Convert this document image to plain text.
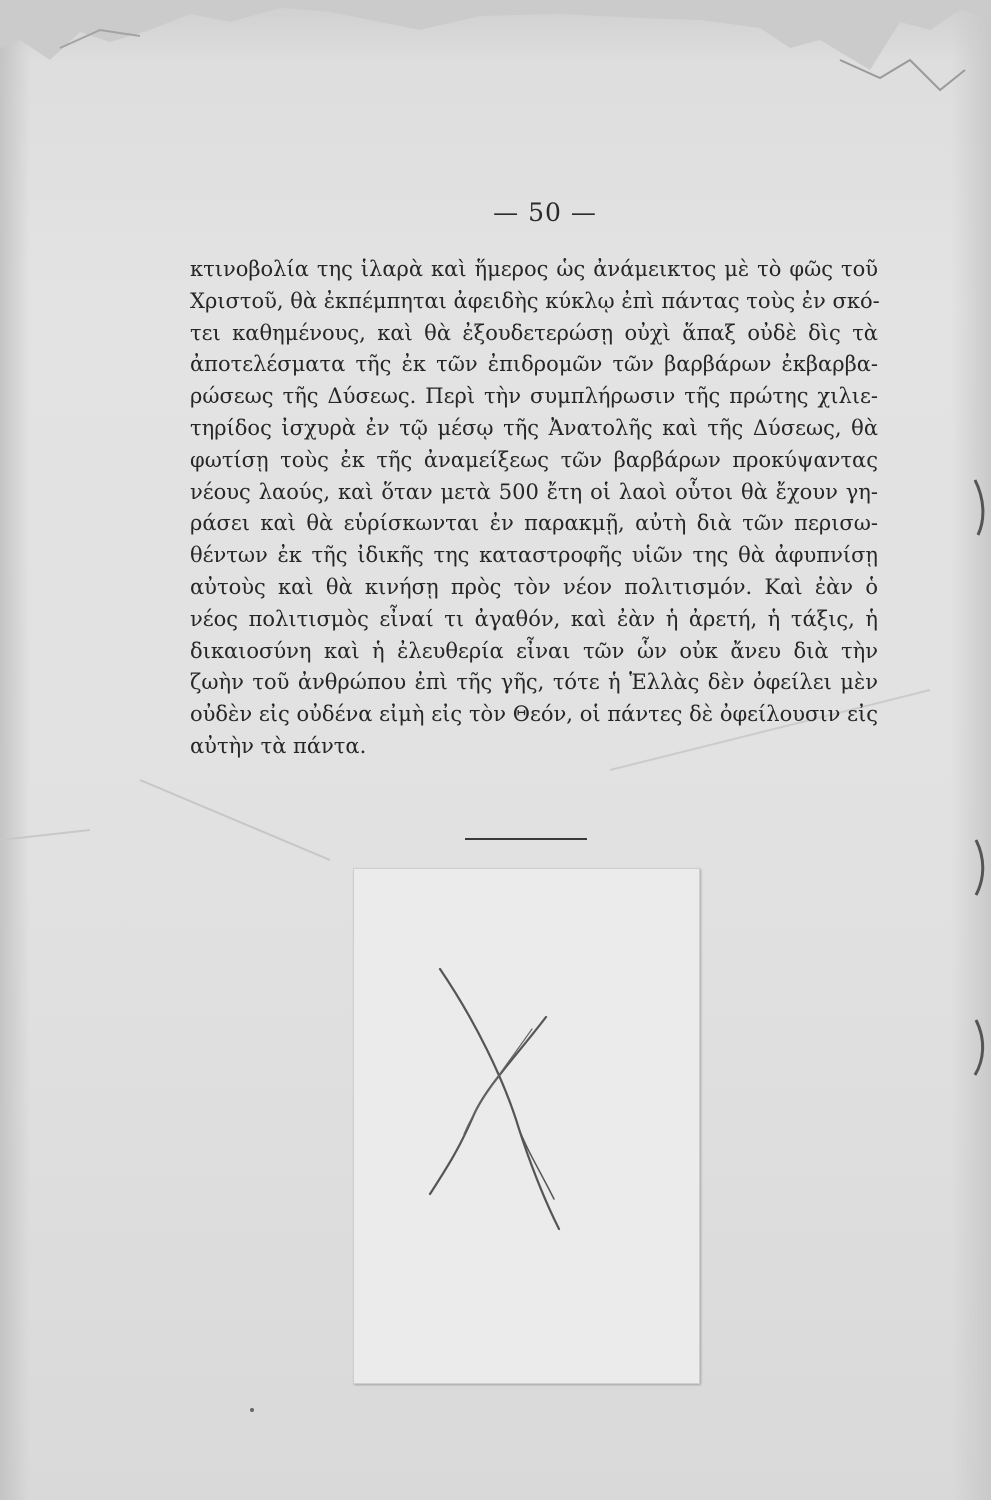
— 50 —
κτινοβολία της ἱλαρὰ καὶ ἥμερος ὡς ἀνάμεικτος μὲ τὸ φῶς τοῦ
Χριστοῦ, θὰ ἐκπέμπηται ἀφειδὴς κύκλῳ ἐπὶ πάντας τοὺς ἐν σκό-
τει καθημένους, καὶ θὰ ἐξουδετερώσῃ οὐχὶ ἅπαξ οὐδὲ δὶς τὰ
ἀποτελέσματα τῆς ἐκ τῶν ἐπιδρομῶν τῶν βαρβάρων ἐκβαρβα-
ρώσεως τῆς Δύσεως. Περὶ τὴν συμπλήρωσιν τῆς πρώτης χιλιε-
τηρίδος ἰσχυρὰ ἐν τῷ μέσῳ τῆς Ἀνατολῆς καὶ τῆς Δύσεως, θὰ
φωτίσῃ τοὺς ἐκ τῆς ἀναμείξεως τῶν βαρβάρων προκύψαντας
νέους λαούς, καὶ ὅταν μετὰ 500 ἔτη οἱ λαοὶ οὗτοι θὰ ἔχουν γη-
ράσει καὶ θὰ εὑρίσκωνται ἐν παρακμῇ, αὐτὴ διὰ τῶν περισω-
θέντων ἐκ τῆς ἰδικῆς της καταστροφῆς υἱῶν της θὰ ἀφυπνίσῃ
αὐτοὺς καὶ θὰ κινήσῃ πρὸς τὸν νέον πολιτισμόν. Καὶ ἐὰν ὁ
νέος πολιτισμὸς εἶναί τι ἀγαθόν, καὶ ἐὰν ἡ ἀρετή, ἡ τάξις, ἡ
δικαιοσύνη καὶ ἡ ἐλευθερία εἶναι τῶν ὧν οὐκ ἄνευ διὰ τὴν
ζωὴν τοῦ ἀνθρώπου ἐπὶ τῆς γῆς, τότε ἡ Ἑλλὰς δὲν ὀφείλει μὲν
οὐδὲν εἰς οὐδένα εἰμὴ εἰς τὸν Θεόν, οἱ πάντες δὲ ὀφείλουσιν εἰς
αὐτὴν τὰ πάντα.
